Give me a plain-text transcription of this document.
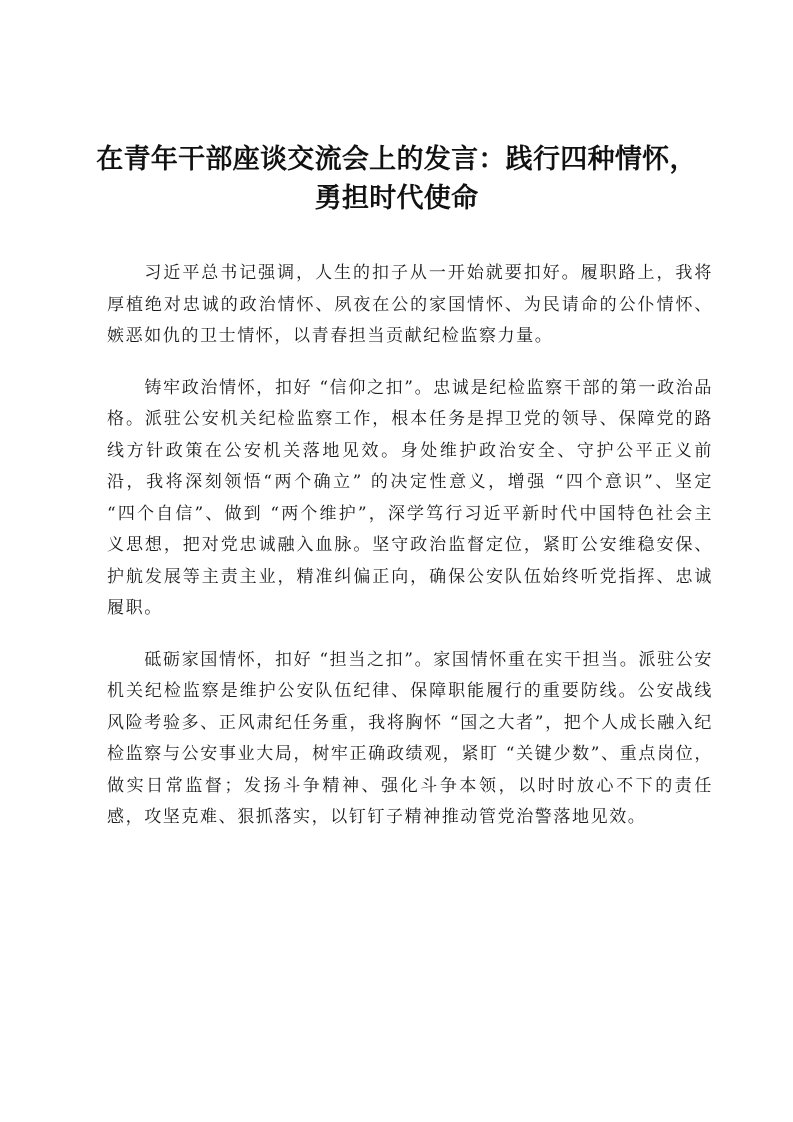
在青年干部座谈交流会上的发言：践行四种情怀，勇担时代使命

习近平总书记强调，人生的扣子从一开始就要扣好。履职路上，我将厚植绝对忠诚的政治情怀、夙夜在公的家国情怀、为民请命的公仆情怀、嫉恶如仇的卫士情怀，以青春担当贡献纪检监察力量。

铸牢政治情怀，扣好 “信仰之扣”。忠诚是纪检监察干部的第一政治品格。派驻公安机关纪检监察工作，根本任务是捍卫党的领导、保障党的路线方针政策在公安机关落地见效。身处维护政治安全、守护公平正义前沿，我将深刻领悟“两个确立” 的决定性意义，增强 “四个意识”、坚定 “四个自信”、做到 “两个维护”，深学笃行习近平新时代中国特色社会主义思想，把对党忠诚融入血脉。坚守政治监督定位，紧盯公安维稳安保、护航发展等主责主业，精准纠偏正向，确保公安队伍始终听党指挥、忠诚履职。

砥砺家国情怀，扣好 “担当之扣”。家国情怀重在实干担当。派驻公安机关纪检监察是维护公安队伍纪律、保障职能履行的重要防线。公安战线风险考验多、正风肃纪任务重，我将胸怀 “国之大者”，把个人成长融入纪检监察与公安事业大局，树牢正确政绩观，紧盯 “关键少数”、重点岗位，做实日常监督；发扬斗争精神、强化斗争本领，以时时放心不下的责任感，攻坚克难、狠抓落实，以钉钉子精神推动管党治警落地见效。
